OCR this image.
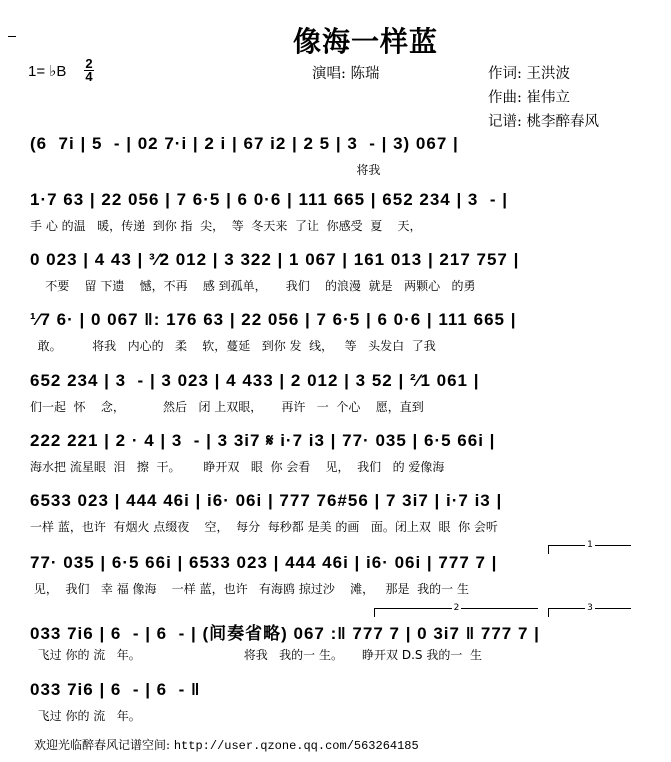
像海一样蓝
1= ♭B 2
4	演唱: 陈瑞	作词: 王洪波
作曲: 崔伟立
记谱: 桃李醉春风
(6  7i | 5  - | 02 7·i | 2 i | 67 i2 | 2 5 | 3  - | 3) 067 |
将我
1·7 63 | 22 056 | 7 6·5 | 6 0·6 | 111 665 | 652 234 | 3  - |
手 心 的温   暖，传递  到你 指  尖，  等  冬天来  了让  你感受  夏    天，
0 023 | 4 43 | ³⁄2 012 | 3 322 | 1 067 | 161 013 | 217 757 |
不要    留 下遗    憾，不再    感 到孤单，     我们    的浪漫  就是   两颗心   的勇
¹⁄7 6· | 0 067 ‖: 176 63 | 22 056 | 7 6·5 | 6 0·6 | 111 665 |
敢。        将我   内心的   柔    软，蔓延   到你 发  线，   等   头发白  了我
652 234 | 3  - | 3 023 | 4 433 | 2 012 | 3 52 | ²⁄1 061 |
们一起  怀    念，          然后   闭 上双眼，     再许   一  个心    愿，直到
222 221 | 2 · 4 | 3  - | 3 3i7 𝄋 i·7 i3 | 77· 035 | 6·5 66i |
海水把 流星眼  泪   擦  干。      睁开双   眼  你 会看    见，  我们   的 爱像海
6533 023 | 444 46i | i6· 06i | 777 76#56 | 7 3i7 | i·7 i3 |
一样 蓝，也许  有烟火 点缀夜    空，  每分  每秒都 是美 的画   面。闭上双  眼  你 会听
77· 035 | 6·5 66i | 6533 023 | 444 46i | i6· 06i | 777 7 |
见，  我们   幸 福 像海    一样 蓝，也许   有海鸥 掠过沙    滩，   那是  我的一 生
033 7i6 | 6  - | 6  - | (间奏省略) 067 :‖ 777 7 | 0 3i7 ‖ 777 7 |
飞过 你的 流   年。                           将我   我的一 生。     睁开双 D.S 我的一  生
033 7i6 | 6  - | 6  - ‖
飞过 你的 流   年。
1
2	3
欢迎光临醉春风记谱空间: http://user.qzone.qq.com/563264185
